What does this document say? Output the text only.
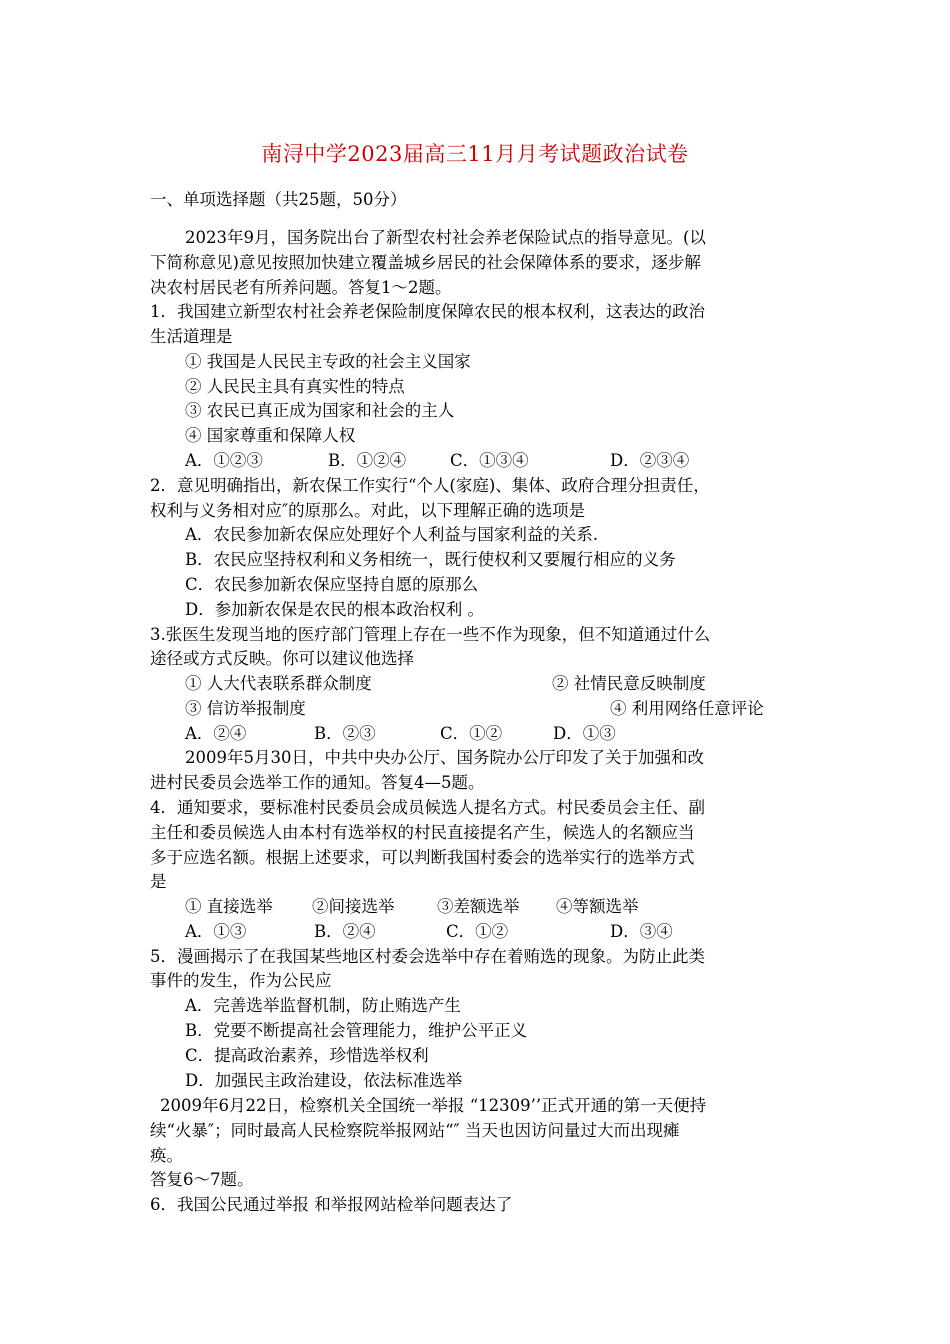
南浔中学2023届高三11月月考试题政治试卷
一、单项选择题（共25题，50分）
2023年9月，国务院出台了新型农村社会养老保险试点的指导意见。(以
下简称意见)意见按照加快建立覆盖城乡居民的社会保障体系的要求，逐步解
决农村居民老有所养问题。答复1～2题。
1．我国建立新型农村社会养老保险制度保障农民的根本权利，这表达的政治
生活道理是
① 我国是人民民主专政的社会主义国家
② 人民民主具有真实性的特点
③ 农民已真正成为国家和社会的主人
④ 国家尊重和保障人权
A．①②③	B．①②④	C．①③④	D．②③④
2．意见明确指出，新农保工作实行“个人(家庭)、集体、政府合理分担责任，
权利与义务相对应″的原那么。对此，以下理解正确的选项是
A．农民参加新农保应处理好个人利益与国家利益的关系.
B．农民应坚持权利和义务相统一，既行使权利又要履行相应的义务
C．农民参加新农保应坚持自愿的原那么
D．参加新农保是农民的根本政治权利 。
3.张医生发现当地的医疗部门管理上存在一些不作为现象，但不知道通过什么
途径或方式反映。你可以建议他选择
① 人大代表联系群众制度	② 社情民意反映制度
③ 信访举报制度	④ 利用网络任意评论
A．②④	B．②③	C．①②	D．①③
2009年5月30日，中共中央办公厅、国务院办公厅印发了关于加强和改
进村民委员会选举工作的通知。答复4—5题。
4．通知要求，要标准村民委员会成员候选人提名方式。村民委员会主任、副
主任和委员候选人由本村有选举权的村民直接提名产生，候选人的名额应当
多于应选名额。根据上述要求，可以判断我国村委会的选举实行的选举方式
是
① 直接选举 ②间接选举	③差额选举 ④等额选举
A．①③	B．②④	C．①②	D．③④
5．漫画揭示了在我国某些地区村委会选举中存在着贿选的现象。为防止此类
事件的发生，作为公民应
A．完善选举监督机制，防止贿选产生
B．党要不断提高社会管理能力，维护公平正义
C．提高政治素养，珍惜选举权利
D．加强民主政治建设，依法标准选举
2009年6月22日，检察机关全国统一举报 “12309’’正式开通的第一天便持
续“火暴″；同时最高人民检察院举报网站“″ 当天也因访问量过大而出现瘫
痪。
答复6～7题。
6．我国公民通过举报 和举报网站检举问题表达了
